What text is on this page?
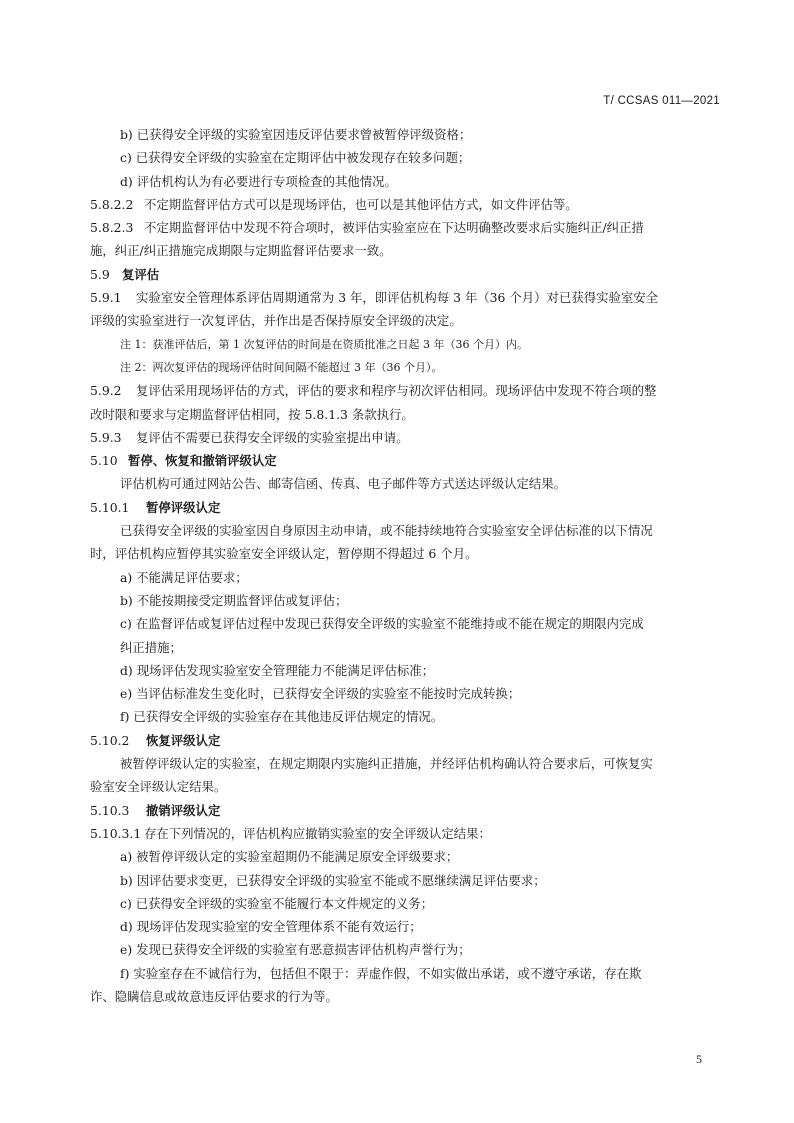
T/ CCSAS 011—2021
b) 已获得安全评级的实验室因违反评估要求曾被暂停评级资格；
c) 已获得安全评级的实验室在定期评估中被发现存在较多问题；
d) 评估机构认为有必要进行专项检查的其他情况。
5.8.2.2 不定期监督评估方式可以是现场评估，也可以是其他评估方式，如文件评估等。
5.8.2.3 不定期监督评估中发现不符合项时，被评估实验室应在下达明确整改要求后实施纠正/纠正措
施，纠正/纠正措施完成期限与定期监督评估要求一致。
5.9 复评估
5.9.1 实验室安全管理体系评估周期通常为 3 年，即评估机构每 3 年（36 个月）对已获得实验室安全
评级的实验室进行一次复评估，并作出是否保持原安全评级的决定。
注 1：获准评估后，第 1 次复评估的时间是在资质批准之日起 3 年（36 个月）内。
注 2：两次复评估的现场评估时间间隔不能超过 3 年（36 个月）。
5.9.2 复评估采用现场评估的方式，评估的要求和程序与初次评估相同。现场评估中发现不符合项的整
改时限和要求与定期监督评估相同，按 5.8.1.3 条款执行。
5.9.3 复评估不需要已获得安全评级的实验室提出申请。
5.10 暂停、恢复和撤销评级认定
评估机构可通过网站公告、邮寄信函、传真、电子邮件等方式送达评级认定结果。
5.10.1 暂停评级认定
已获得安全评级的实验室因自身原因主动申请，或不能持续地符合实验室安全评估标准的以下情况
时，评估机构应暂停其实验室安全评级认定，暂停期不得超过 6 个月。
a) 不能满足评估要求；
b) 不能按期接受定期监督评估或复评估；
c) 在监督评估或复评估过程中发现已获得安全评级的实验室不能维持或不能在规定的期限内完成
纠正措施；
d) 现场评估发现实验室安全管理能力不能满足评估标准；
e) 当评估标准发生变化时，已获得安全评级的实验室不能按时完成转换；
f) 已获得安全评级的实验室存在其他违反评估规定的情况。
5.10.2 恢复评级认定
被暂停评级认定的实验室，在规定期限内实施纠正措施，并经评估机构确认符合要求后，可恢复实
验室安全评级认定结果。
5.10.3 撤销评级认定
5.10.3.1 存在下列情况的，评估机构应撤销实验室的安全评级认定结果：
a) 被暂停评级认定的实验室超期仍不能满足原安全评级要求；
b) 因评估要求变更，已获得安全评级的实验室不能或不愿继续满足评估要求；
c) 已获得安全评级的实验室不能履行本文件规定的义务；
d) 现场评估发现实验室的安全管理体系不能有效运行；
e) 发现已获得安全评级的实验室有恶意损害评估机构声誉行为；
f) 实验室存在不诚信行为，包括但不限于：弄虚作假，不如实做出承诺，或不遵守承诺，存在欺
诈、隐瞒信息或故意违反评估要求的行为等。
5
